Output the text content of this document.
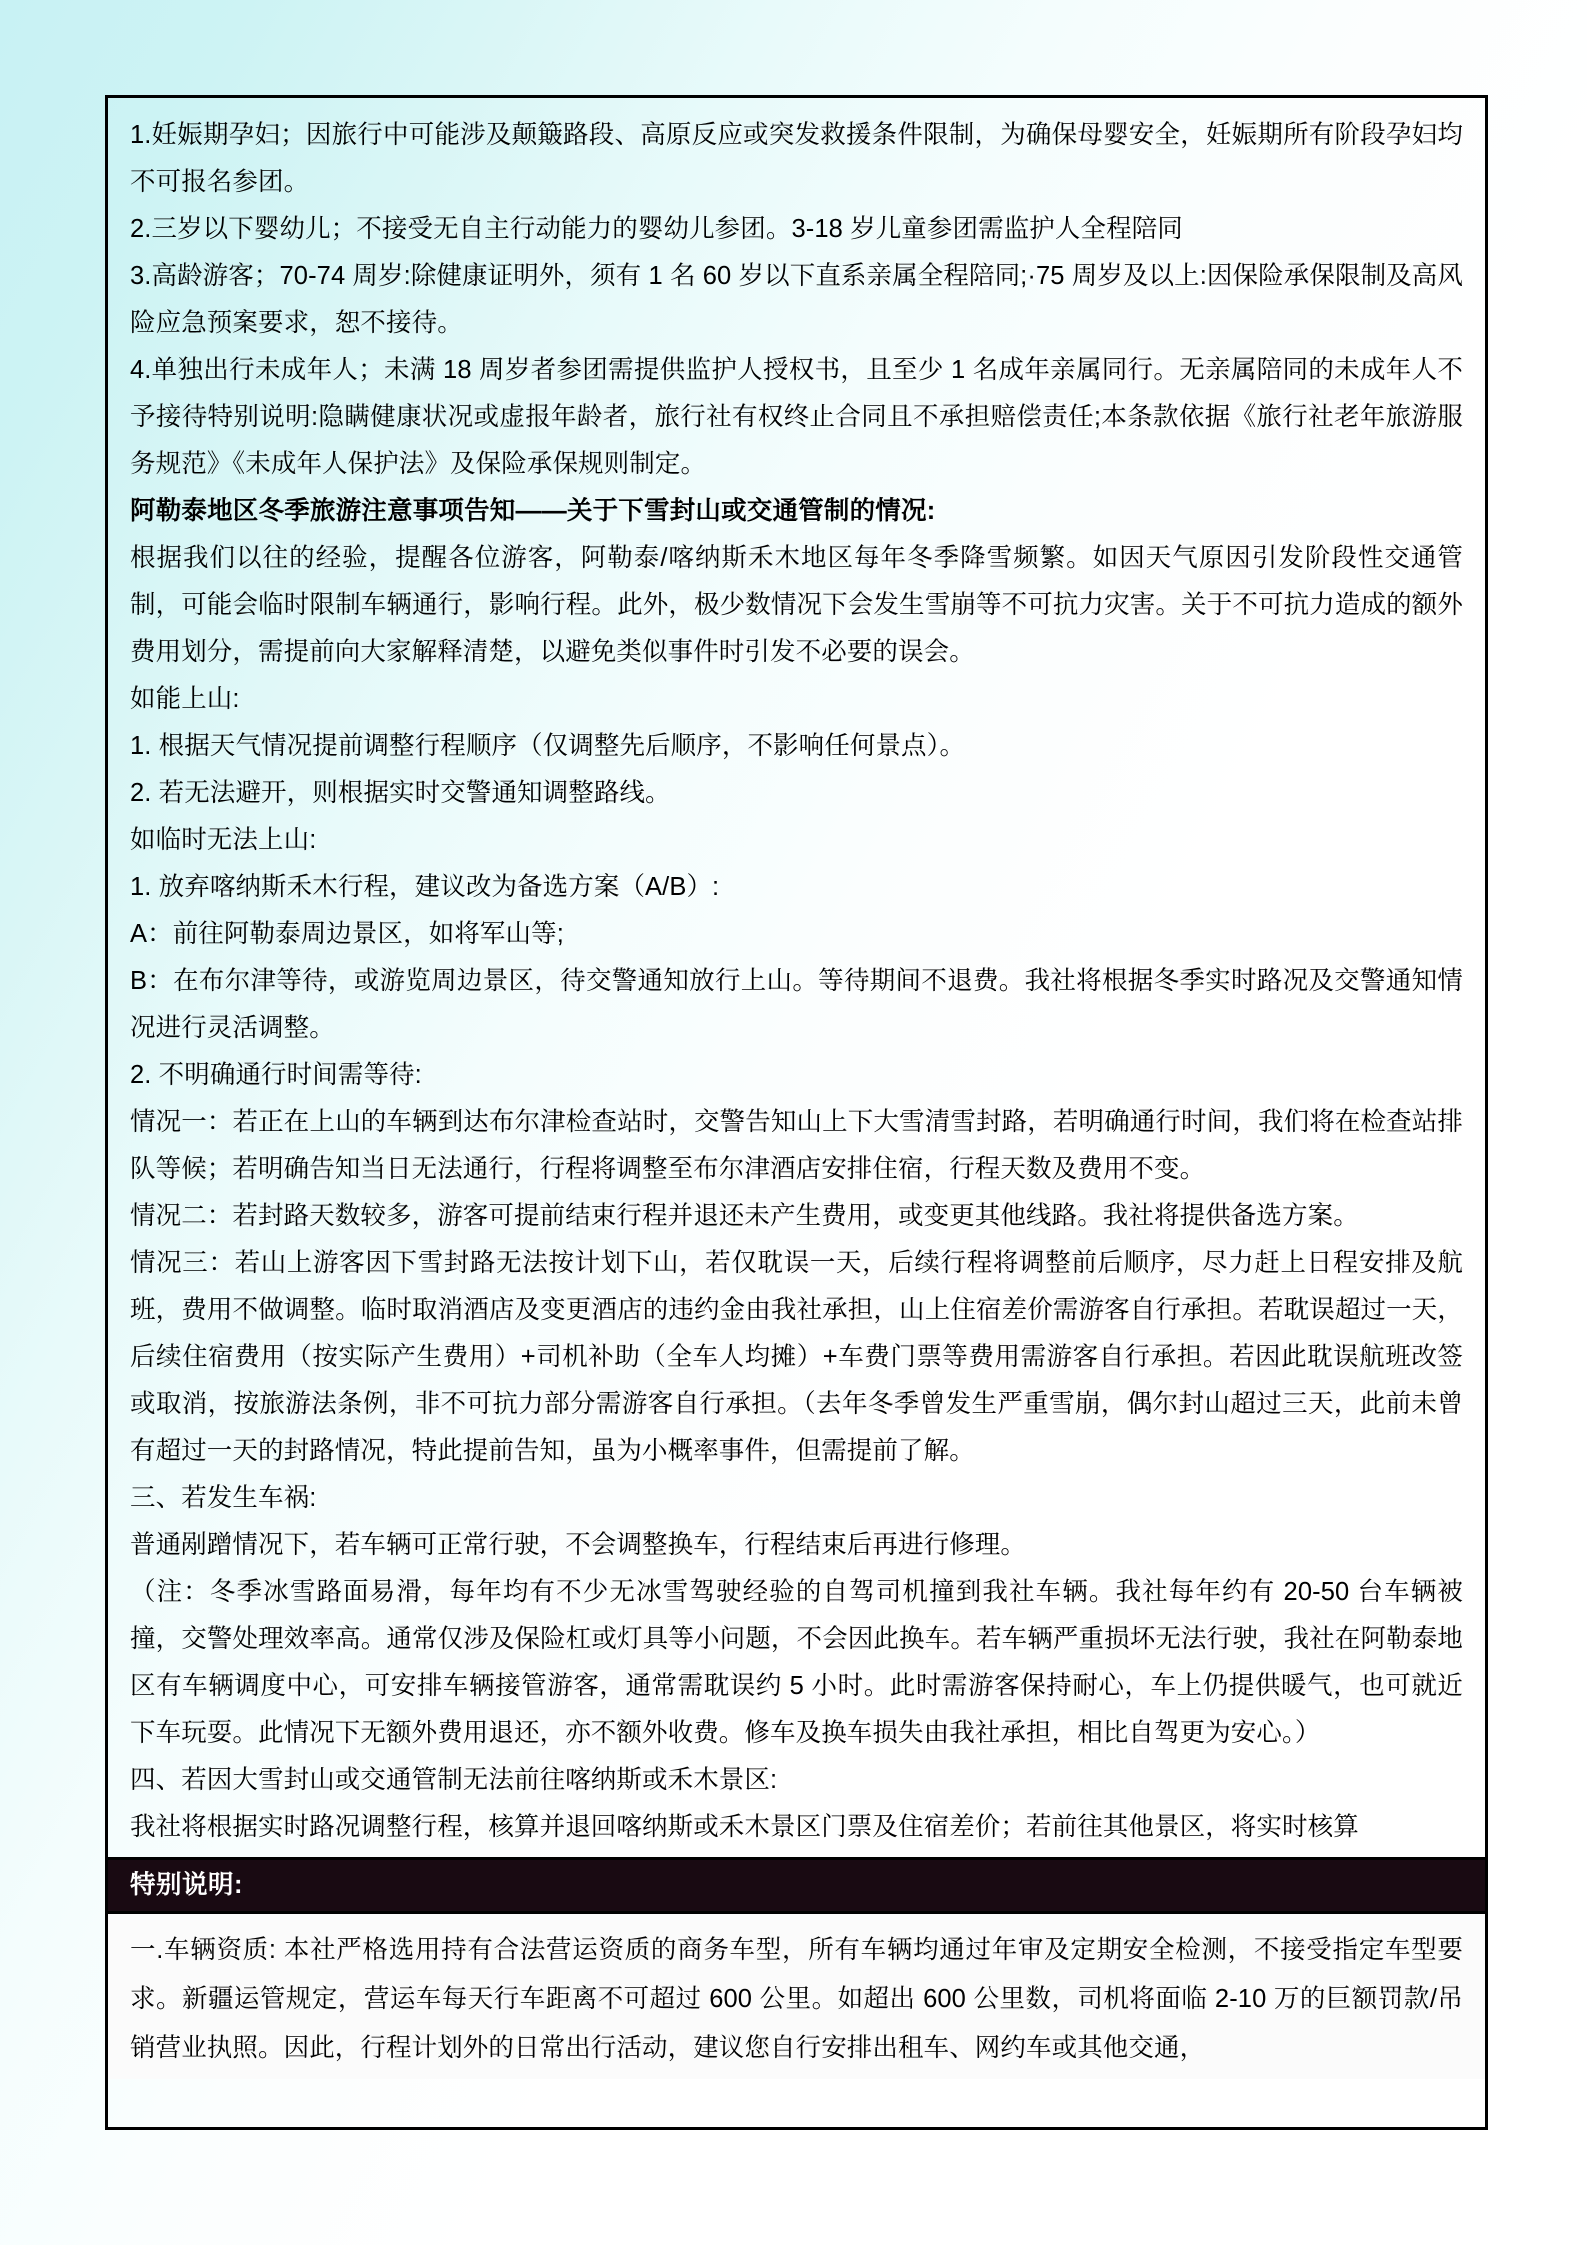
1.妊娠期孕妇；因旅行中可能涉及颠簸路段、高原反应或突发救援条件限制，为确保母婴安全，妊娠期所有阶段孕妇均不可报名参团。

2.三岁以下婴幼儿；不接受无自主行动能力的婴幼儿参团。3-18 岁儿童参团需监护人全程陪同

3.高龄游客；70-74 周岁:除健康证明外，须有 1 名 60 岁以下直系亲属全程陪同;·75 周岁及以上:因保险承保限制及高风险应急预案要求，恕不接待。

4.单独出行未成年人；未满 18 周岁者参团需提供监护人授权书，且至少 1 名成年亲属同行。无亲属陪同的未成年人不予接待特别说明:隐瞒健康状况或虚报年龄者，旅行社有权终止合同且不承担赔偿责任;本条款依据《旅行社老年旅游服务规范》《未成年人保护法》及保险承保规则制定。

阿勒泰地区冬季旅游注意事项告知——关于下雪封山或交通管制的情况:

根据我们以往的经验，提醒各位游客，阿勒泰/喀纳斯禾木地区每年冬季降雪频繁。如因天气原因引发阶段性交通管制，可能会临时限制车辆通行，影响行程。此外，极少数情况下会发生雪崩等不可抗力灾害。关于不可抗力造成的额外费用划分，需提前向大家解释清楚，以避免类似事件时引发不必要的误会。

如能上山:

1. 根据天气情况提前调整行程顺序（仅调整先后顺序，不影响任何景点）。

2. 若无法避开，则根据实时交警通知调整路线。

如临时无法上山:

1. 放弃喀纳斯禾木行程，建议改为备选方案（A/B）:

A：前往阿勒泰周边景区，如将军山等;

B：在布尔津等待，或游览周边景区，待交警通知放行上山。等待期间不退费。我社将根据冬季实时路况及交警通知情况进行灵活调整。

2. 不明确通行时间需等待:

情况一：若正在上山的车辆到达布尔津检查站时，交警告知山上下大雪清雪封路，若明确通行时间，我们将在检查站排队等候；若明确告知当日无法通行，行程将调整至布尔津酒店安排住宿，行程天数及费用不变。

情况二：若封路天数较多，游客可提前结束行程并退还未产生费用，或变更其他线路。我社将提供备选方案。

情况三：若山上游客因下雪封路无法按计划下山，若仅耽误一天，后续行程将调整前后顺序，尽力赶上日程安排及航班，费用不做调整。临时取消酒店及变更酒店的违约金由我社承担，山上住宿差价需游客自行承担。若耽误超过一天，后续住宿费用（按实际产生费用）+司机补助（全车人均摊）+车费门票等费用需游客自行承担。若因此耽误航班改签或取消，按旅游法条例，非不可抗力部分需游客自行承担。（去年冬季曾发生严重雪崩，偶尔封山超过三天，此前未曾有超过一天的封路情况，特此提前告知，虽为小概率事件，但需提前了解。

三、若发生车祸:

普通剐蹭情况下，若车辆可正常行驶，不会调整换车，行程结束后再进行修理。

（注：冬季冰雪路面易滑，每年均有不少无冰雪驾驶经验的自驾司机撞到我社车辆。我社每年约有 20-50 台车辆被撞，交警处理效率高。通常仅涉及保险杠或灯具等小问题，不会因此换车。若车辆严重损坏无法行驶，我社在阿勒泰地区有车辆调度中心，可安排车辆接管游客，通常需耽误约 5 小时。此时需游客保持耐心，车上仍提供暖气，也可就近下车玩耍。此情况下无额外费用退还，亦不额外收费。修车及换车损失由我社承担，相比自驾更为安心。）

四、若因大雪封山或交通管制无法前往喀纳斯或禾木景区:

我社将根据实时路况调整行程，核算并退回喀纳斯或禾木景区门票及住宿差价；若前往其他景区，将实时核算

特别说明:

一.车辆资质: 本社严格选用持有合法营运资质的商务车型，所有车辆均通过年审及定期安全检测，不接受指定车型要求。新疆运管规定，营运车每天行车距离不可超过 600 公里。如超出 600 公里数，司机将面临 2-10 万的巨额罚款/吊销营业执照。因此，行程计划外的日常出行活动，建议您自行安排出租车、网约车或其他交通，
